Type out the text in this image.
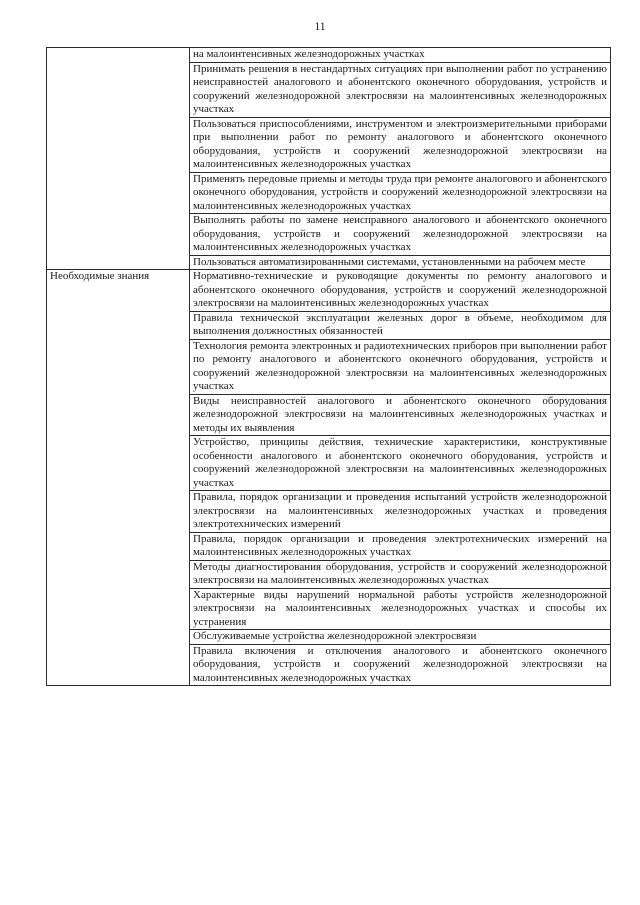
11

	на малоинтенсивных железнодорожных участках

	Принимать решения в нестандартных ситуациях при выполнении работ по устранению неисправностей аналогового и абонентского оконечного оборудования, устройств и сооружений железнодорожной электросвязи на малоинтенсивных железнодорожных участках

	Пользоваться приспособлениями, инструментом и электроизмерительными приборами при выполнении работ по ремонту аналогового и абонентского оконечного оборудования, устройств и сооружений железнодорожной электросвязи на малоинтенсивных железнодорожных участках

	Применять передовые приемы и методы труда при ремонте аналогового и абонентского оконечного оборудования, устройств и сооружений железнодорожной электросвязи на малоинтенсивных железнодорожных участках

	Выполнять работы по замене неисправного аналогового и абонентского оконечного оборудования, устройств и сооружений железнодорожной электросвязи на малоинтенсивных железнодорожных участках

	Пользоваться автоматизированными системами, установленными на рабочем месте

Необходимые знания	Нормативно-технические и руководящие документы по ремонту аналогового и абонентского оконечного оборудования, устройств и сооружений железнодорожной электросвязи на малоинтенсивных железнодорожных участках

	Правила технической эксплуатации железных дорог в объеме, необходимом для выполнения должностных обязанностей

	Технология ремонта электронных и радиотехнических приборов при выполнении работ по ремонту аналогового и абонентского оконечного оборудования, устройств и сооружений железнодорожной электросвязи на малоинтенсивных железнодорожных участках

	Виды неисправностей аналогового и абонентского оконечного оборудования железнодорожной электросвязи на малоинтенсивных железнодорожных участках и методы их выявления

	Устройство, принципы действия, технические характеристики, конструктивные особенности аналогового и абонентского оконечного оборудования, устройств и сооружений железнодорожной электросвязи на малоинтенсивных железнодорожных участках

	Правила, порядок организации и проведения испытаний устройств железнодорожной электросвязи на малоинтенсивных железнодорожных участках и проведения электротехнических измерений

	Правила, порядок организации и проведения электротехнических измерений на малоинтенсивных железнодорожных участках

	Методы диагностирования оборудования, устройств и сооружений железнодорожной электросвязи на малоинтенсивных железнодорожных участках

	Характерные виды нарушений нормальной работы устройств железнодорожной электросвязи на малоинтенсивных железнодорожных участках и способы их устранения

	Обслуживаемые устройства железнодорожной электросвязи

	Правила включения и отключения аналогового и абонентского оконечного оборудования, устройств и сооружений железнодорожной электросвязи на малоинтенсивных железнодорожных участках
